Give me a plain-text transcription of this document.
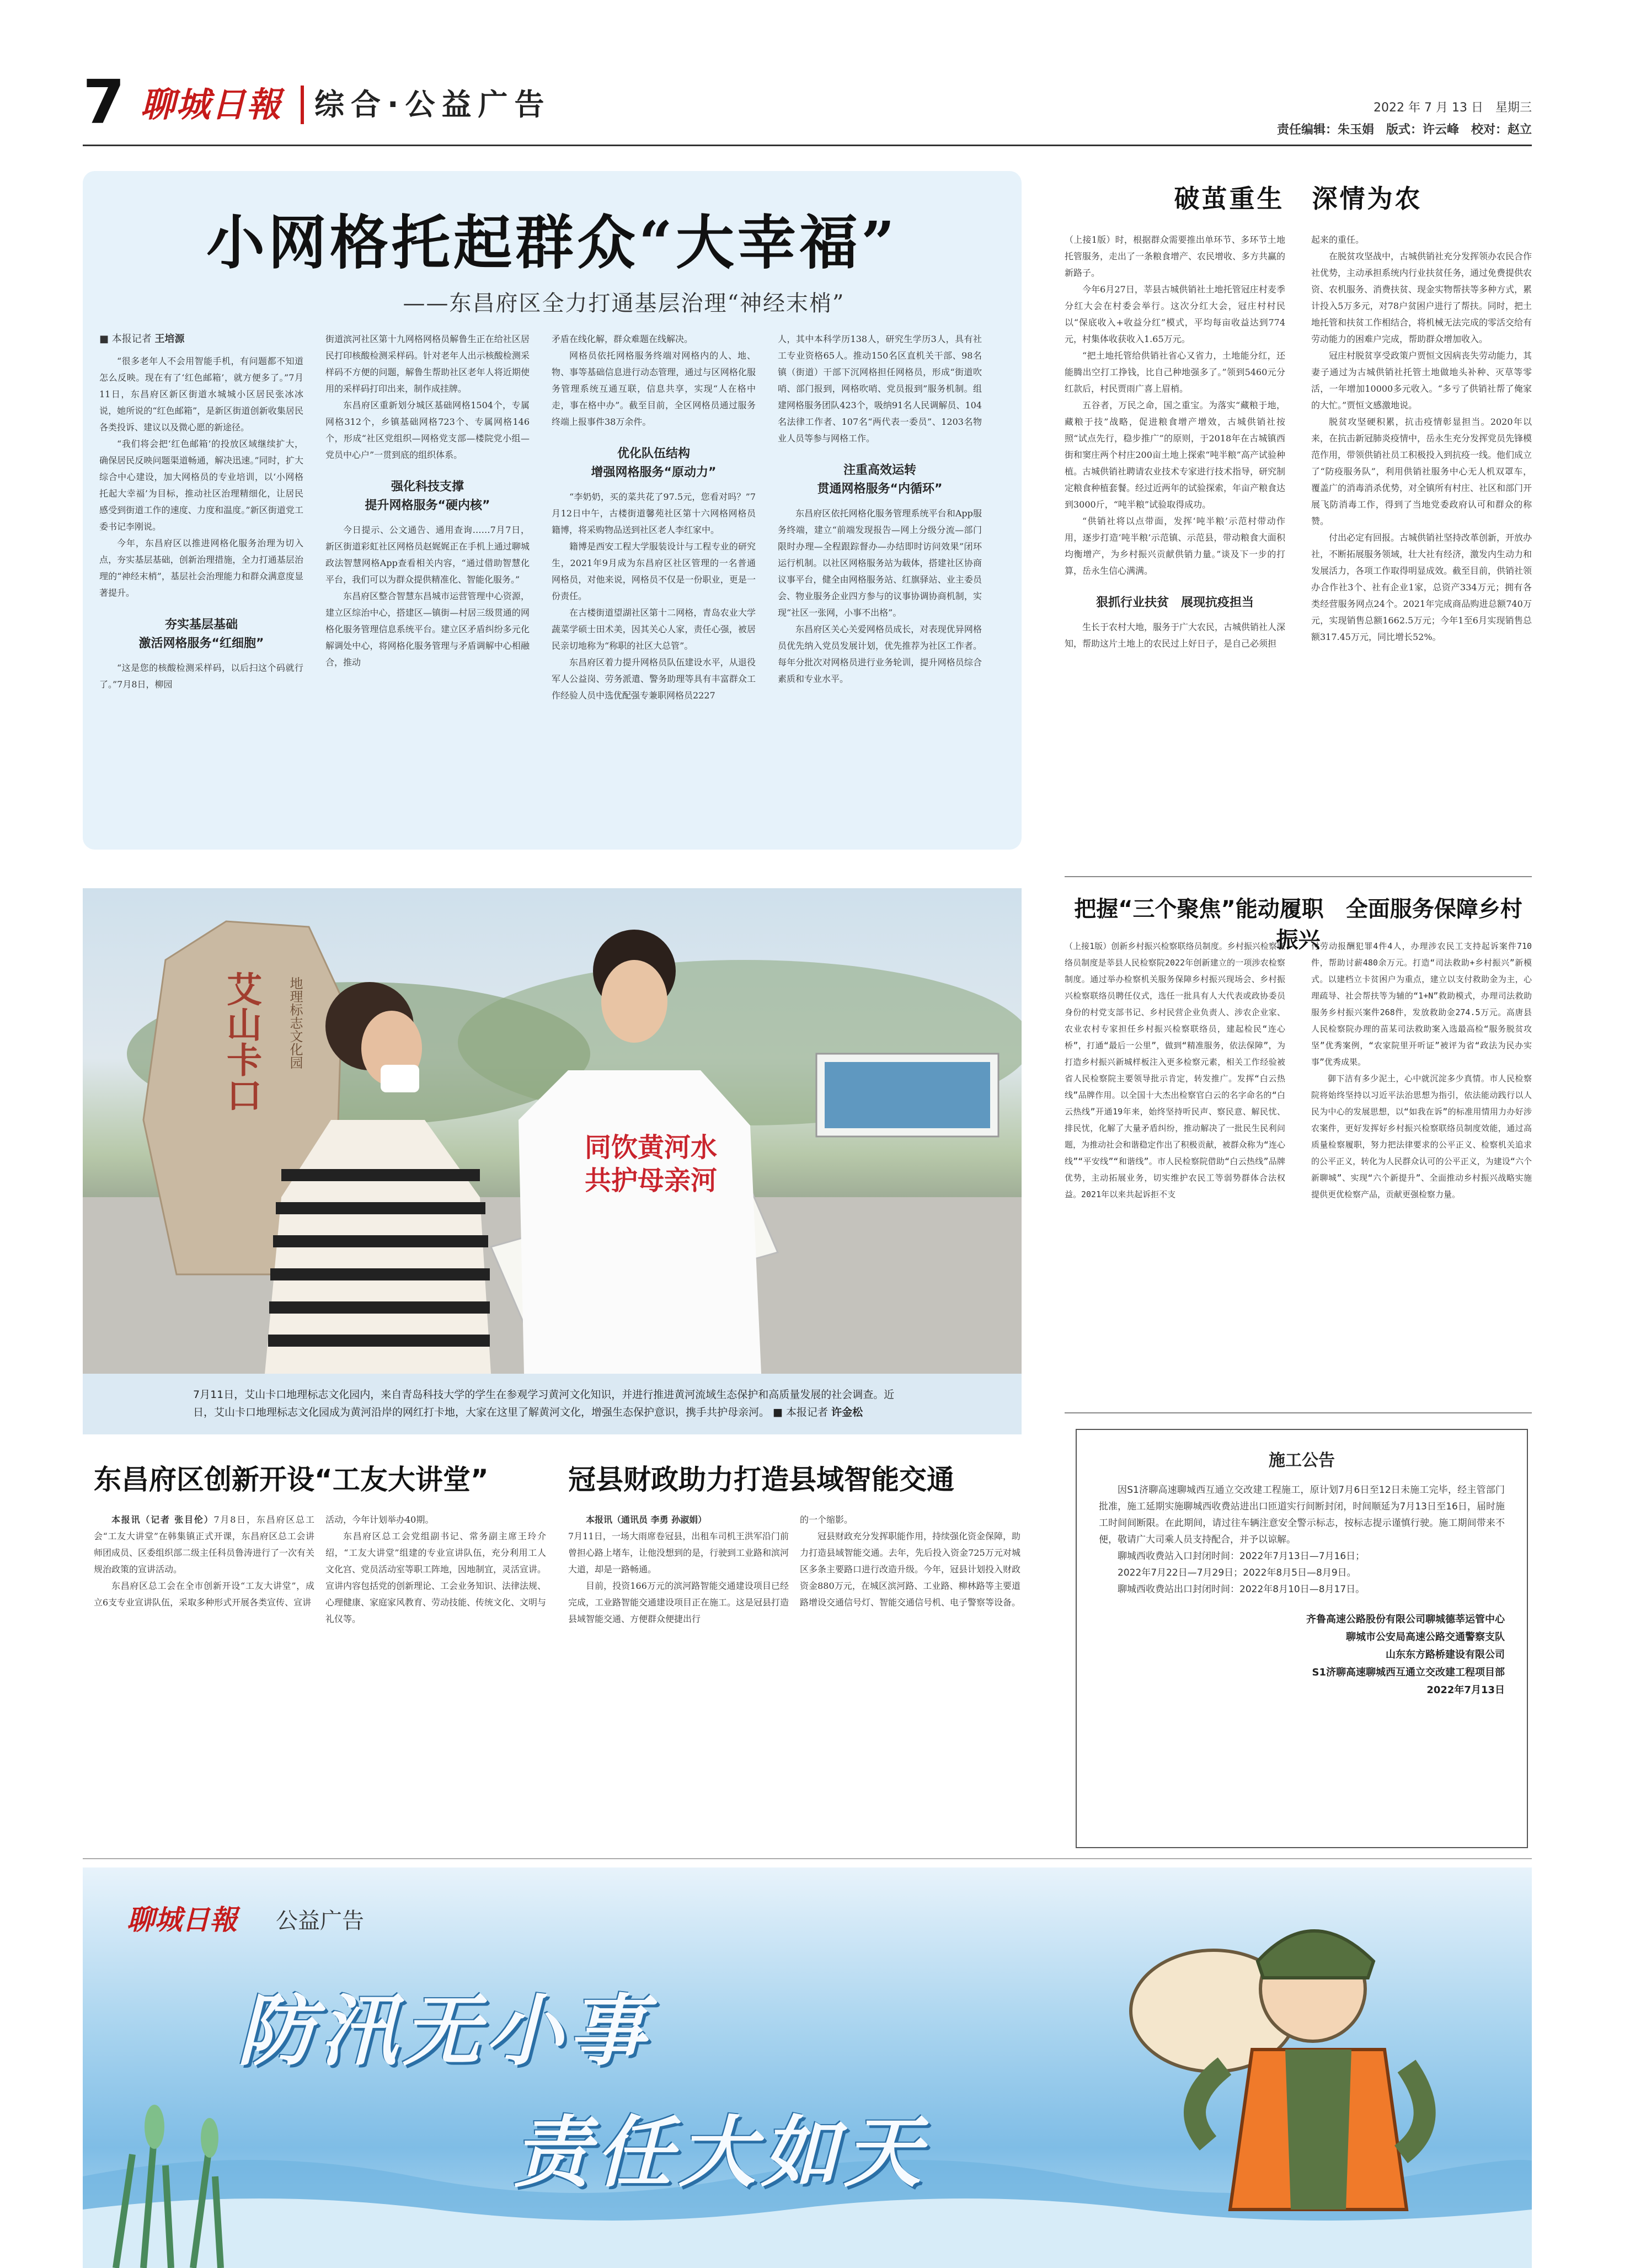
7 聊城日報 综合·公益广告	2022 年 7 月 13 日　星期三
责任编辑：朱玉娟　版式：许云峰　校对：赵立
小网格托起群众“大幸福”
——东昌府区全力打通基层治理“神经末梢”
■ 本报记者 王培源

“很多老年人不会用智能手机，有问题都不知道怎么反映。现在有了‘红色邮箱’，就方便多了。”7月11日，东昌府区新区街道水城城小区居民张冰冰说，她所说的“红色邮箱”，是新区街道创新收集居民各类投诉、建议以及微心愿的新途径。

“我们将会把‘红色邮箱’的投放区域继续扩大，确保居民反映问题渠道畅通，解决迅速。”同时，扩大综合中心建设，加大网格员的专业培训，以‘小网格托起大幸福’为目标，推动社区治理精细化，让居民感受到街道工作的速度、力度和温度。”新区街道党工委书记李刚说。

今年，东昌府区以推进网格化服务治理为切入点，夯实基层基础，创新治理措施，全力打通基层治理的“神经末梢”，基层社会治理能力和群众满意度显著提升。

夯实基层基础
激活网格服务“红细胞”

“这是您的核酸检测采样码，以后扫这个码就行了。”7月8日，柳园

街道滨河社区第十九网格网格员解鲁生正在给社区居民打印核酸检测采样码。针对老年人出示核酸检测采样码不方便的问题，解鲁生帮助社区老年人将近期使用的采样码打印出来，制作成挂牌。

东昌府区重新划分城区基础网格1504个，专属网格312个，乡镇基础网格723个、专属网格146个，形成“社区党组织—网格党支部—楼院党小组—党员中心户”一贯到底的组织体系。

强化科技支撑
提升网格服务“硬内核”

今日提示、公文通告、通用查询……7月7日，新区街道彩虹社区网格员赵娓娓正在手机上通过聊城政法智慧网格App查看相关内容，“通过借助智慧化平台，我们可以为群众提供精准化、智能化服务。”

东昌府区整合智慧东昌城市运营管理中心资源，建立区综治中心，搭建区—镇街—村居三级贯通的网格化服务管理信息系统平台。建立区矛盾纠纷多元化解调处中心，将网格化服务管理与矛盾调解中心相融合，推动

矛盾在线化解，群众难题在线解决。

网格员依托网格服务终端对网格内的人、地、物、事等基础信息进行动态管理，通过与区网格化服务管理系统互通互联，信息共享，实现“人在格中走，事在格中办”。截至目前，全区网格员通过服务终端上报事件38万余件。

优化队伍结构
增强网格服务“原动力”

“李奶奶，买的菜共花了97.5元，您看对吗？”7月12日中午，古楼街道馨苑社区第十六网格网格员籍博，将采购物品送到社区老人李红家中。

籍博是西安工程大学服装设计与工程专业的研究生，2021年9月成为东昌府区社区管理的一名普通网格员，对他来说，网格员不仅是一份职业，更是一份责任。

在古楼街道望湖社区第十二网格，青岛农业大学蔬菜学硕士田术美，因其关心人家，责任心强，被居民亲切地称为“称职的社区大总管”。

东昌府区着力提升网格员队伍建设水平，从退役军人公益岗、劳务派遣、警务助理等具有丰富群众工作经验人员中选优配强专兼职网格员2227

人，其中本科学历138人，研究生学历3人，具有社工专业资格65人。推动150名区直机关干部、98名镇（街道）干部下沉网格担任网格员，形成“街道吹哨、部门报到，网格吹哨、党员报到”服务机制。组建网格服务团队423个，吸纳91名人民调解员、104名法律工作者、107名“两代表一委员”、1203名物业人员等参与网格工作。

注重高效运转
贯通网格服务“内循环”

东昌府区依托网格化服务管理系统平台和App服务终端，建立“前端发现报告—网上分级分流—部门限时办理—全程跟踪督办—办结即时访问效果”闭环运行机制。以社区网格服务站为载体，搭建社区协商议事平台，健全由网格服务站、红旗驿站、业主委员会、物业服务企业四方参与的议事协调协商机制，实现“社区一张网，小事不出格”。

东昌府区关心关爱网格员成长，对表现优异网格员优先纳入党员发展计划，优先推荐为社区工作者。每年分批次对网格员进行业务轮训，提升网格员综合素质和专业水平。

艾山卡口 地理标志文化园
同饮黄河水
共护母亲河
7月11日，艾山卡口地理标志文化园内，来自青岛科技大学的学生在参观学习黄河文化知识，并进行推进黄河流域生态保护和高质量发展的社会调查。近日，艾山卡口地理标志文化园成为黄河沿岸的网红打卡地，大家在这里了解黄河文化，增强生态保护意识，携手共护母亲河。 ■ 本报记者 许金松
破茧重生　深情为农

（上接1版）时，根据群众需要推出单环节、多环节土地托管服务，走出了一条粮食增产、农民增收、多方共赢的新路子。

今年6月27日，莘县古城供销社土地托管冠庄村麦季分红大会在村委会举行。这次分红大会，冠庄村村民以“保底收入+收益分红”模式，平均每亩收益达到774元，村集体收获收入1.65万元。

“把土地托管给供销社省心又省力，土地能分红，还能腾出空打工挣钱，比自己种地强多了。”领到5460元分红款后，村民贾雨广喜上眉梢。

五谷者，万民之命，国之重宝。为落实“藏粮于地，藏粮于技”战略，促进粮食增产增效，古城供销社按照“试点先行，稳步推广”的原则，于2018年在古城镇西街和窦庄两个村庄200亩土地上探索“吨半粮”高产试验种植。古城供销社聘请农业技术专家进行技术指导，研究制定粮食种植套餐。经过近两年的试验探索，年亩产粮食达到3000斤，“吨半粮”试验取得成功。

“供销社将以点带面，发挥‘吨半粮’示范村带动作用，逐步打造‘吨半粮’示范镇、示范县，带动粮食大面积均衡增产，为乡村振兴贡献供销力量。”谈及下一步的打算，岳永生信心满满。

狠抓行业扶贫　展现抗疫担当

生长于农村大地，服务于广大农民，古城供销社人深知，帮助这片土地上的农民过上好日子，是自己必须担

起来的重任。

在脱贫攻坚战中，古城供销社充分发挥领办农民合作社优势，主动承担系统内行业扶贫任务，通过免费提供农资、农机服务、消费扶贫、现金实物帮扶等多种方式，累计投入5万多元，对78户贫困户进行了帮扶。同时，把土地托管和扶贫工作相结合，将机械无法完成的零活交给有劳动能力的困难户完成，帮助群众增加收入。

冠庄村脱贫享受政策户贾恒文因病丧失劳动能力，其妻子通过为古城供销社托管土地做地头补种、灭草等零活，一年增加10000多元收入。“多亏了供销社帮了俺家的大忙。”贾恒文感激地说。

脱贫攻坚硬积累，抗击疫情彰显担当。2020年以来，在抗击新冠肺炎疫情中，岳永生充分发挥党员先锋模范作用，带领供销社员工积极投入到抗疫一线。他们成立了“防疫服务队”，利用供销社服务中心无人机双罩车，覆盖广的消毒消杀优势，对全镇所有村庄、社区和部门开展飞防消毒工作，得到了当地党委政府认可和群众的称赞。

付出必定有回报。古城供销社坚持改革创新，开放办社，不断拓展服务领域，壮大社有经济，激发内生动力和发展活力，各项工作取得明显成效。截至目前，供销社领办合作社3个、社有企业1家，总资产334万元；拥有各类经营服务网点24个。2021年完成商品购进总额740万元，实现销售总额1662.5万元；今年1至6月实现销售总额317.45万元，同比增长52%。

把握“三个聚焦”能动履职　全面服务保障乡村振兴

（上接1版）创新乡村振兴检察联络员制度。乡村振兴检察联络员制度是莘县人民检察院2022年创新建立的一项涉农检察制度。通过举办检察机关服务保障乡村振兴现场会、乡村振兴检察联络员聘任仪式，选任一批具有人大代表或政协委员身份的村党支部书记、乡村民营企业负责人、涉农企业家、农业农村专家担任乡村振兴检察联络员，建起检民“连心桥”，打通“最后一公里”，做到“精准服务，依法保障”，为打造乡村振兴新城样板注入更多检察元素，相关工作经验被省人民检察院主要领导批示肯定，转发推广。发挥“白云热线”品牌作用。以全国十大杰出检察官白云的名字命名的“白云热线”开通19年来，始终坚持听民声、察民意、解民忧、排民忧，化解了大量矛盾纠纷，推动解决了一批民生民利问题，为推动社会和谐稳定作出了积极贡献，被群众称为“连心线”“平安线”“和谐线”。市人民检察院借助“白云热线”品牌优势，主动拓展业务，切实维护农民工等弱势群体合法权益。2021年以来共起诉拒不支

付劳动报酬犯罪4件4人，办理涉农民工支持起诉案件710件，帮助讨薪480余万元。打造“司法救助+乡村振兴”新模式。以建档立卡贫困户为重点，建立以支付救助金为主，心理疏导、社会帮扶等为辅的“1+N”救助模式，办理司法救助服务乡村振兴案件268件，发放救助金274.5万元。高唐县人民检察院办理的苗某司法救助案入选最高检“服务脱贫攻坚”优秀案例，“农家院里开听证”被评为省“政法为民办实事”优秀成果。

御下洁有多少泥土，心中就沉淀多少真情。市人民检察院将始终坚持以习近平法治思想为指引，依法能动践行以人民为中心的发展思想，以“如我在诉”的标准用情用力办好涉农案件，更好发挥好乡村振兴检察联络员制度效能，通过高质量检察履职，努力把法律要求的公平正义、检察机关追求的公平正义，转化为人民群众认可的公平正义，为建设“六个新聊城”、实现“六个新提升”、全面推动乡村振兴战略实施提供更优检察产品，贡献更强检察力量。

施工公告
因S1济聊高速聊城西互通立交改建工程施工，原计划7月6日至12日未施工完毕，经主管部门批准，施工延期实施聊城西收费站进出口匝道实行间断封闭，时间顺延为7月13日至16日，届时施工时间间断限。在此期间，请过往车辆注意安全警示标志，按标志提示谨慎行驶。施工期间带来不便，敬请广大司乘人员支持配合，并予以谅解。
聊城西收费站入口封闭时间：2022年7月13日—7月16日；
2022年7月22日—7月29日；2022年8月5日—8月9日。
聊城西收费站出口封闭时间：2022年8月10日—8月17日。
齐鲁高速公路股份有限公司聊城德莘运管中心
聊城市公安局高速公路交通警察支队
山东东方路桥建设有限公司
S1济聊高速聊城西互通立交改建工程项目部
2022年7月13日
东昌府区创新开设“工友大讲堂”

本报讯（记者 张目伦）7月8日，东昌府区总工会“工友大讲堂”在韩集镇正式开课，东昌府区总工会讲师团成员、区委组织部二级主任科员鲁涛进行了一次有关规治政策的宣讲活动。

东昌府区总工会在全市创新开设“工友大讲堂”，成立6支专业宣讲队伍，采取多种形式开展各类宣传、宣讲

活动，今年计划举办40期。

东昌府区总工会党组副书记、常务副主席王玲介绍，“工友大讲堂”组建的专业宣讲队伍，充分利用工人文化宫、党员活动室等职工阵地，因地制宜，灵活宣讲。宣讲内容包括党的创新理论、工会业务知识、法律法规、心理健康、家庭家风教育、劳动技能、传统文化、文明与礼仪等。

冠县财政助力打造县域智能交通

本报讯（通讯员 李勇 孙淑娟）

7月11日，一场大雨席卷冠县，出租车司机王洪军沿门前曾担心路上堵车，让他没想到的是，行驶到工业路和滨河大道，却是一路畅通。

目前，投资166万元的滨河路智能交通建设项目已经完成，工业路智能交通建设项目正在施工。这是冠县打造县域智能交通、方便群众便捷出行

的一个缩影。

冠县财政充分发挥职能作用，持续强化资金保障，助力打造县域智能交通。去年，先后投入资金725万元对城区多条主要路口进行改造升级。今年，冠县计划投入财政资金880万元，在城区滨河路、工业路、柳林路等主要道路增设交通信号灯、智能交通信号机、电子警察等设备。

聊城日報 公益广告
防汛无小事
责任大如天
